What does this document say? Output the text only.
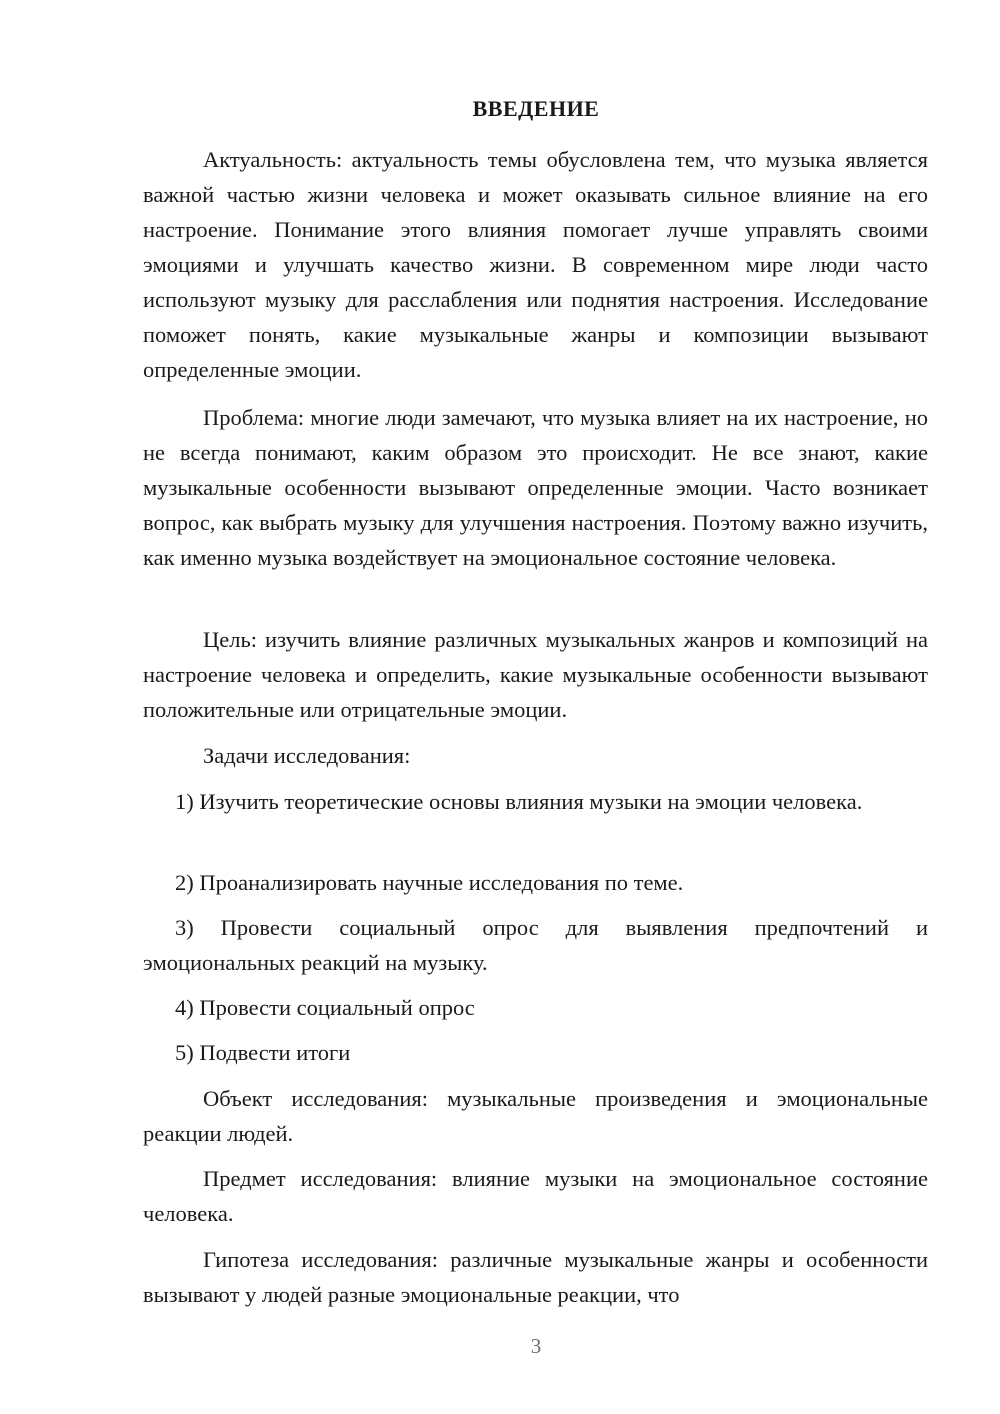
ВВЕДЕНИЕ

Актуальность: актуальность темы обусловлена тем, что музыка является важной частью жизни человека и может оказывать сильное влияние на его настроение. Понимание этого влияния помогает лучше управлять своими эмоциями и улучшать качество жизни. В современном мире люди часто используют музыку для расслабления или поднятия настроения. Исследование поможет понять, какие музыкальные жанры и композиции вызывают определенные эмоции.

Проблема: многие люди замечают, что музыка влияет на их настроение, но не всегда понимают, каким образом это происходит. Не все знают, какие музыкальные особенности вызывают определенные эмоции. Часто возникает вопрос, как выбрать музыку для улучшения настроения. Поэтому важно изучить, как именно музыка воздействует на эмоциональное состояние человека.

Цель: изучить влияние различных музыкальных жанров и композиций на настроение человека и определить, какие музыкальные особенности вызывают положительные или отрицательные эмоции.

Задачи исследования:

1) Изучить теоретические основы влияния музыки на эмоции человека.

2) Проанализировать научные исследования по теме.

3) Провести социальный опрос для выявления предпочтений и эмоциональных реакций на музыку.

4) Провести социальный опрос

5) Подвести итоги

Объект исследования: музыкальные произведения и эмоциональные реакции людей.

Предмет исследования: влияние музыки на эмоциональное состояние человека.

Гипотеза исследования: различные музыкальные жанры и особенности вызывают у людей разные эмоциональные реакции, что

3
